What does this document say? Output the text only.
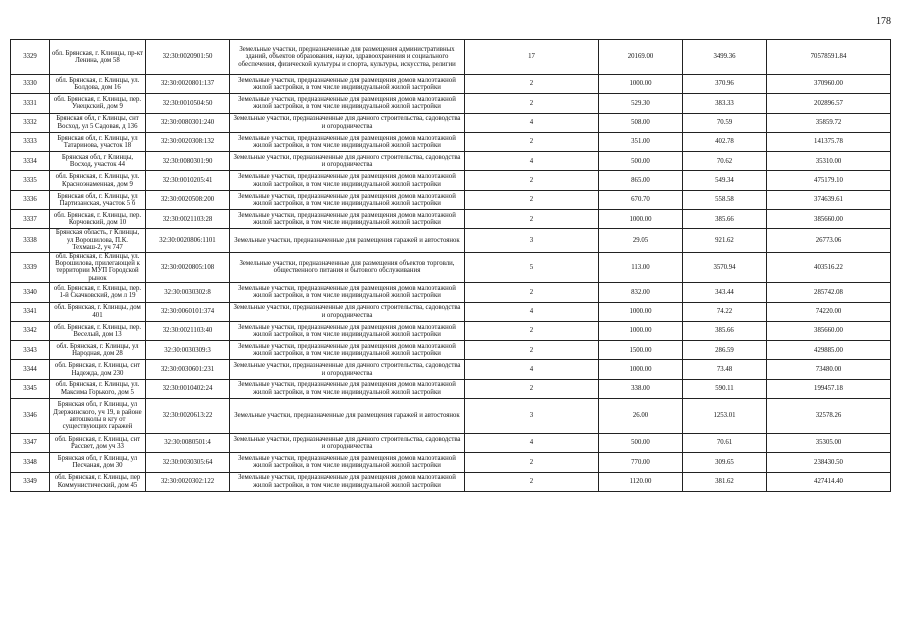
178
3329	обл. Брянская, г. Клинцы, пр-кт Ленина, дом 58	32:30:0020901:50	Земельные участки, предназначенные для размещения административных зданий, объектов образования, науки, здравоохранения и социального обеспечения, физической культуры и спорта, культуры, искусства, религии	17	20169.00	3499.36	70578591.84
3330	обл. Брянская, г. Клинцы, ул. Болдова, дом 16	32:30:0020801:137	Земельные участки, предназначенные для размещения домов малоэтажной жилой застройки, в том числе индивидуальной жилой застройки	2	1000.00	370.96	370960.00
3331	обл. Брянская, г. Клинцы, пер. Унецкский, дом 9	32:30:0010504:50	Земельные участки, предназначенные для размещения домов малоэтажной жилой застройки, в том числе индивидуальной жилой застройки	2	529.30	383.33	202896.57
3332	Брянская обл, г Клинцы, снт Восход, ул 5 Садовая, д 136	32:30:0080301:240	Земельные участки, предназначенные для дачного строительства, садоводства и огородничества	4	508.00	70.59	35859.72
3333	Брянская обл, г. Клинцы, ул Татаринова, участок 18	32:30:0020308:132	Земельные участки, предназначенные для размещения домов малоэтажной жилой застройки, в том числе индивидуальной жилой застройки	2	351.00	402.78	141375.78
3334	Брянская обл, г Клинцы, Восход, участок 44	32:30:0080301:90	Земельные участки, предназначенные для дачного строительства, садоводства и огородничества	4	500.00	70.62	35310.00
3335	обл. Брянская, г. Клинцы, ул. Красноэнаменная, дом 9	32:30:0010205:41	Земельные участки, предназначенные для размещения домов малоэтажной жилой застройки, в том числе индивидуальной жилой застройки	2	865.00	549.34	475179.10
3336	Брянская обл, г. Клинцы, ул Партизанская, участок 5 б	32:30:0020508:200	Земельные участки, предназначенные для размещения домов малоэтажной жилой застройки, в том числе индивидуальной жилой застройки	2	670.70	558.58	374639.61
3337	обл. Брянская, г. Клинцы, пер. Корчовский, дом 10	32:30:0021103:28	Земельные участки, предназначенные для размещения домов малоэтажной жилой застройки, в том числе индивидуальной жилой застройки	2	1000.00	385.66	385660.00
3338	Брянская область, г Клинцы, ул Ворошилова, П.К. Техмаш-2, уч 747	32:30:0020806:1101	Земельные участки, предназначенные для размещения гаражей и автостоянок	3	29.05	921.62	26773.06
3339	обл. Брянская, г. Клинцы, ул. Ворошилова, прилегающей к территории МУП Городской рынок	32:30:0020805:108	Земельные участки, предназначенные для размещения объектов торговли, общественного питания и бытового обслуживания	5	113.00	3570.94	403516.22
3340	обл. Брянская, г. Клинцы, пер. 1-й Скачковский, дом л 19	32:30:0030302:8	Земельные участки, предназначенные для размещения домов малоэтажной жилой застройки, в том числе индивидуальной жилой застройки	2	832.00	343.44	285742.08
3341	обл. Брянская, г. Клинцы, дом 401	32:30:0060101:374	Земельные участки, предназначенные для дачного строительства, садоводства и огородничества	4	1000.00	74.22	74220.00
3342	обл. Брянская, г. Клинцы, пер. Веселый, дом 13	32:30:0021103:40	Земельные участки, предназначенные для размещения домов малоэтажной жилой застройки, в том числе индивидуальной жилой застройки	2	1000.00	385.66	385660.00
3343	обл. Брянская, г. Клинцы, ул Народная, дом 28	32:30:0030309:3	Земельные участки, предназначенные для размещения домов малоэтажной жилой застройки, в том числе индивидуальной жилой застройки	2	1500.00	286.59	429885.00
3344	обл. Брянская, г. Клинцы, снт Надежда, дом 230	32:30:0030601:231	Земельные участки, предназначенные для дачного строительства, садоводства и огородничества	4	1000.00	73.48	73480.00
3345	обл. Брянская, г. Клинцы, ул. Максима Горького, дом 5	32:30:0010402:24	Земельные участки, предназначенные для размещения домов малоэтажной жилой застройки, в том числе индивидуальной жилой застройки	2	338.00	590.11	199457.18
3346	Брянская обл, г Клинцы, ул Дзержинского, уч 19, в районе автошколы в кгу от существующих гаражей	32:30:0020613:22	Земельные участки, предназначенные для размещения гаражей и автостоянок	3	26.00	1253.01	32578.26
3347	обл. Брянская, г. Клинцы, снт Рассвет, дом уч 33	32:30:0080501:4	Земельные участки, предназначенные для дачного строительства, садоводства и огородничества	4	500.00	70.61	35305.00
3348	Брянская обл, г Клинцы, ул Песчаная, дом 30	32:30:0030305:64	Земельные участки, предназначенные для размещения домов малоэтажной жилой застройки, в том числе индивидуальной жилой застройки	2	770.00	309.65	238430.50
3349	обл. Брянская, г. Клинцы, пер Коммунистический, дом 45	32:30:0020302:122	Земельные участки, предназначенные для размещения домов малоэтажной жилой застройки, в том числе индивидуальной жилой застройки	2	1120.00	381.62	427414.40
